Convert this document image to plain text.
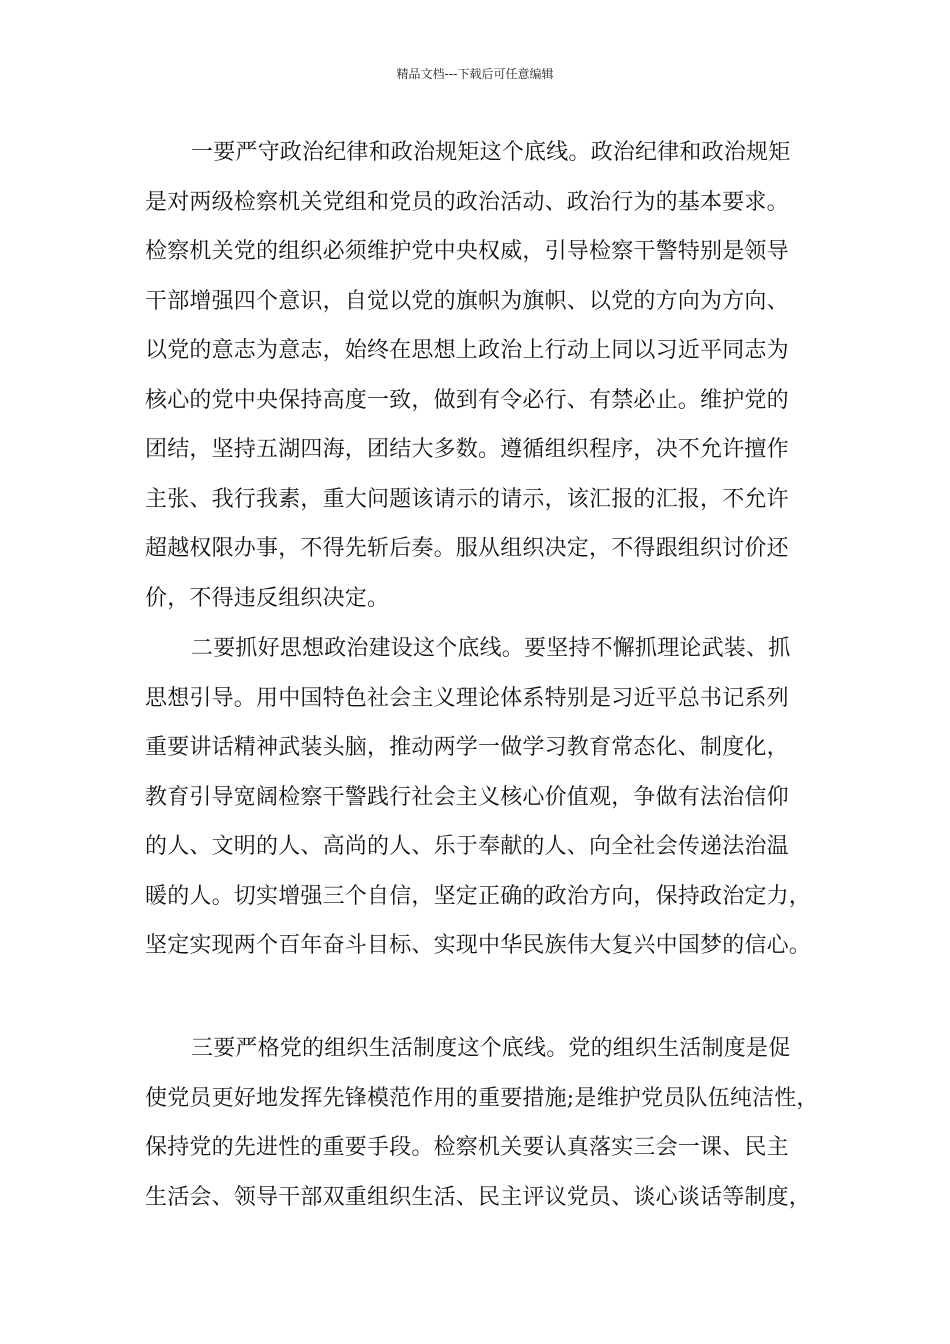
精品文档---下载后可任意编辑
一要严守政治纪律和政治规矩这个底线。政治纪律和政治规矩
是对两级检察机关党组和党员的政治活动、政治行为的基本要求。
检察机关党的组织必须维护党中央权威，引导检察干警特别是领导
干部增强四个意识，自觉以党的旗帜为旗帜、以党的方向为方向、
以党的意志为意志，始终在思想上政治上行动上同以习近平同志为
核心的党中央保持高度一致，做到有令必行、有禁必止。维护党的
团结，坚持五湖四海，团结大多数。遵循组织程序，决不允许擅作
主张、我行我素，重大问题该请示的请示，该汇报的汇报，不允许
超越权限办事，不得先斩后奏。服从组织决定，不得跟组织讨价还
价，不得违反组织决定。
二要抓好思想政治建设这个底线。要坚持不懈抓理论武装、抓
思想引导。用中国特色社会主义理论体系特别是习近平总书记系列
重要讲话精神武装头脑，推动两学一做学习教育常态化、制度化，
教育引导宽阔检察干警践行社会主义核心价值观，争做有法治信仰
的人、文明的人、高尚的人、乐于奉献的人、向全社会传递法治温
暖的人。切实增强三个自信，坚定正确的政治方向，保持政治定力，
坚定实现两个百年奋斗目标、实现中华民族伟大复兴中国梦的信心。
三要严格党的组织生活制度这个底线。党的组织生活制度是促
使党员更好地发挥先锋模范作用的重要措施;是维护党员队伍纯洁性，
保持党的先进性的重要手段。检察机关要认真落实三会一课、民主
生活会、领导干部双重组织生活、民主评议党员、谈心谈话等制度，
